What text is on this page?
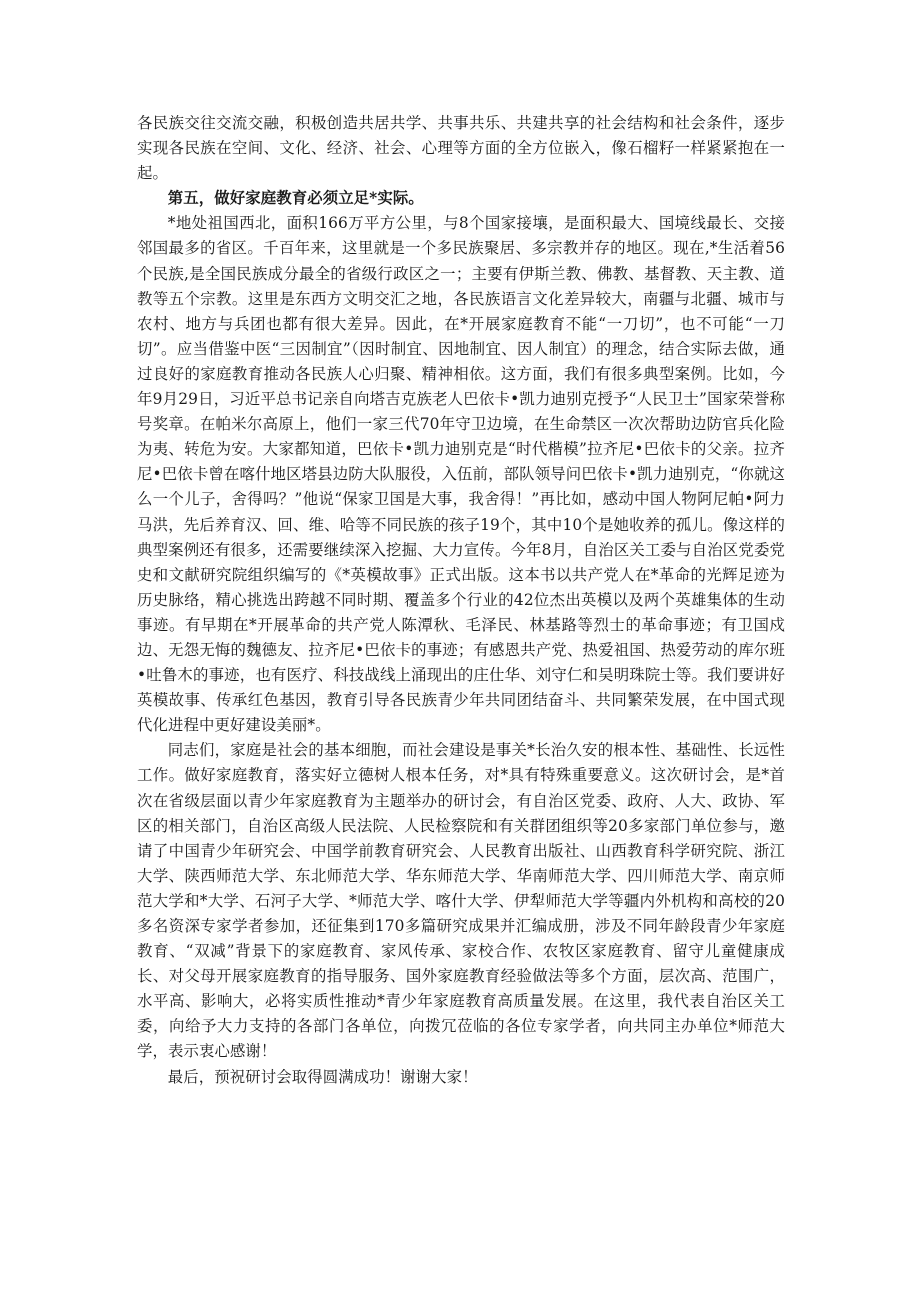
各民族交往交流交融，积极创造共居共学、共事共乐、共建共享的社会结构和社会条件，逐步实现各民族在空间、文化、经济、社会、心理等方面的全方位嵌入，像石榴籽一样紧紧抱在一起。

第五，做好家庭教育必须立足*实际。

*地处祖国西北，面积166万平方公里，与8个国家接壤，是面积最大、国境线最长、交接邻国最多的省区。千百年来，这里就是一个多民族聚居、多宗教并存的地区。现在,*生活着56个民族,是全国民族成分最全的省级行政区之一；主要有伊斯兰教、佛教、基督教、天主教、道教等五个宗教。这里是东西方文明交汇之地，各民族语言文化差异较大，南疆与北疆、城市与农村、地方与兵团也都有很大差异。因此，在*开展家庭教育不能“一刀切”，也不可能“一刀切”。应当借鉴中医“三因制宜”（因时制宜、因地制宜、因人制宜）的理念，结合实际去做，通过良好的家庭教育推动各民族人心归聚、精神相依。这方面，我们有很多典型案例。比如，今年9月29日，习近平总书记亲自向塔吉克族老人巴依卡•凯力迪别克授予“人民卫士”国家荣誉称号奖章。在帕米尔高原上，他们一家三代70年守卫边境，在生命禁区一次次帮助边防官兵化险为夷、转危为安。大家都知道，巴依卡•凯力迪别克是“时代楷模”拉齐尼•巴依卡的父亲。拉齐尼•巴依卡曾在喀什地区塔县边防大队服役，入伍前，部队领导问巴依卡•凯力迪别克，“你就这么一个儿子，舍得吗？”他说“保家卫国是大事，我舍得！”再比如，感动中国人物阿尼帕•阿力马洪，先后养育汉、回、维、哈等不同民族的孩子19个，其中10个是她收养的孤儿。像这样的典型案例还有很多，还需要继续深入挖掘、大力宣传。今年8月，自治区关工委与自治区党委党史和文献研究院组织编写的《*英模故事》正式出版。这本书以共产党人在*革命的光辉足迹为历史脉络，精心挑选出跨越不同时期、覆盖多个行业的42位杰出英模以及两个英雄集体的生动事迹。有早期在*开展革命的共产党人陈潭秋、毛泽民、林基路等烈士的革命事迹；有卫国戍边、无怨无悔的魏德友、拉齐尼•巴依卡的事迹；有感恩共产党、热爱祖国、热爱劳动的库尔班•吐鲁木的事迹，也有医疗、科技战线上涌现出的庄仕华、刘守仁和吴明珠院士等。我们要讲好英模故事、传承红色基因，教育引导各民族青少年共同团结奋斗、共同繁荣发展，在中国式现代化进程中更好建设美丽*。

同志们，家庭是社会的基本细胞，而社会建设是事关*长治久安的根本性、基础性、长远性工作。做好家庭教育，落实好立德树人根本任务，对*具有特殊重要意义。这次研讨会，是*首次在省级层面以青少年家庭教育为主题举办的研讨会，有自治区党委、政府、人大、政协、军区的相关部门，自治区高级人民法院、人民检察院和有关群团组织等20多家部门单位参与，邀请了中国青少年研究会、中国学前教育研究会、人民教育出版社、山西教育科学研究院、浙江大学、陕西师范大学、东北师范大学、华东师范大学、华南师范大学、四川师范大学、南京师范大学和*大学、石河子大学、*师范大学、喀什大学、伊犁师范大学等疆内外机构和高校的20多名资深专家学者参加，还征集到170多篇研究成果并汇编成册，涉及不同年龄段青少年家庭教育、“双减”背景下的家庭教育、家风传承、家校合作、农牧区家庭教育、留守儿童健康成长、对父母开展家庭教育的指导服务、国外家庭教育经验做法等多个方面，层次高、范围广，水平高、影响大，必将实质性推动*青少年家庭教育高质量发展。在这里，我代表自治区关工委，向给予大力支持的各部门各单位，向拨冗莅临的各位专家学者，向共同主办单位*师范大学，表示衷心感谢！

最后，预祝研讨会取得圆满成功！谢谢大家！
